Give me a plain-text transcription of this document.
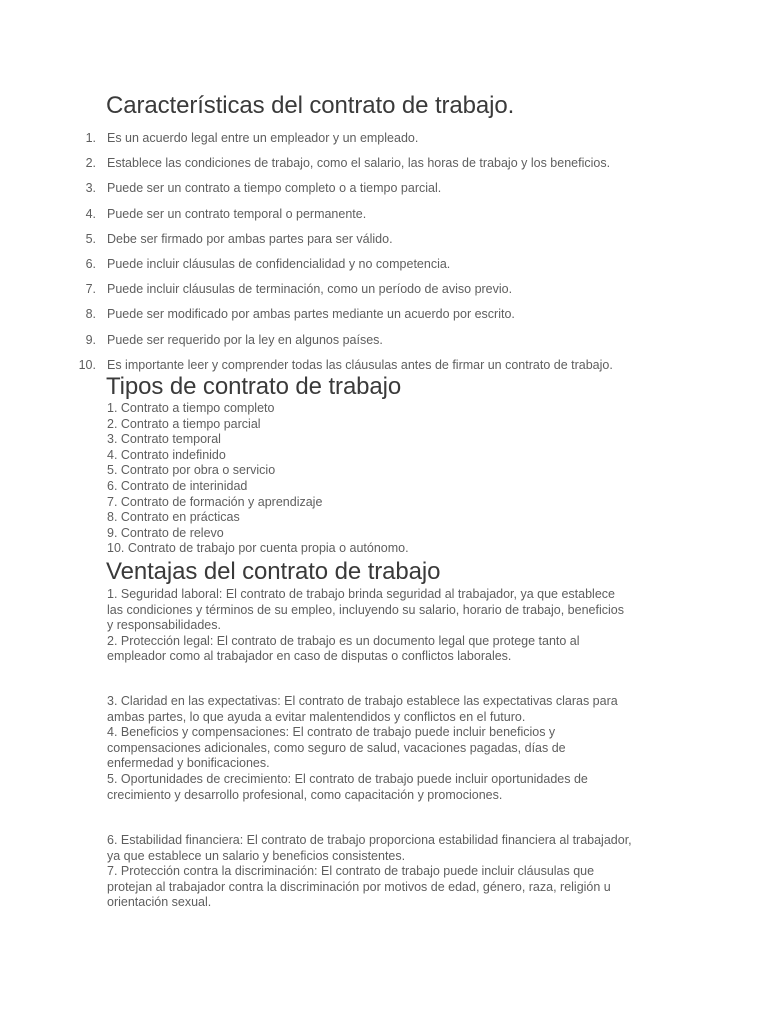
Características del contrato de trabajo.
1. Es un acuerdo legal entre un empleador y un empleado.
2. Establece las condiciones de trabajo, como el salario, las horas de trabajo y los beneficios.
3. Puede ser un contrato a tiempo completo o a tiempo parcial.
4. Puede ser un contrato temporal o permanente.
5. Debe ser firmado por ambas partes para ser válido.
6. Puede incluir cláusulas de confidencialidad y no competencia.
7. Puede incluir cláusulas de terminación, como un período de aviso previo.
8. Puede ser modificado por ambas partes mediante un acuerdo por escrito.
9. Puede ser requerido por la ley en algunos países.
10. Es importante leer y comprender todas las cláusulas antes de firmar un contrato de trabajo.
Tipos de contrato de trabajo
1. Contrato a tiempo completo
2. Contrato a tiempo parcial
3. Contrato temporal
4. Contrato indefinido
5. Contrato por obra o servicio
6. Contrato de interinidad
7. Contrato de formación y aprendizaje
8. Contrato en prácticas
9. Contrato de relevo
10. Contrato de trabajo por cuenta propia o autónomo.
Ventajas del contrato de trabajo
1. Seguridad laboral: El contrato de trabajo brinda seguridad al trabajador, ya que establece
las condiciones y términos de su empleo, incluyendo su salario, horario de trabajo, beneficios
y responsabilidades.
2. Protección legal: El contrato de trabajo es un documento legal que protege tanto al
empleador como al trabajador en caso de disputas o conflictos laborales.
3. Claridad en las expectativas: El contrato de trabajo establece las expectativas claras para
ambas partes, lo que ayuda a evitar malentendidos y conflictos en el futuro.
4. Beneficios y compensaciones: El contrato de trabajo puede incluir beneficios y
compensaciones adicionales, como seguro de salud, vacaciones pagadas, días de
enfermedad y bonificaciones.
5. Oportunidades de crecimiento: El contrato de trabajo puede incluir oportunidades de
crecimiento y desarrollo profesional, como capacitación y promociones.
6. Estabilidad financiera: El contrato de trabajo proporciona estabilidad financiera al trabajador,
ya que establece un salario y beneficios consistentes.
7. Protección contra la discriminación: El contrato de trabajo puede incluir cláusulas que
protejan al trabajador contra la discriminación por motivos de edad, género, raza, religión u
orientación sexual.
